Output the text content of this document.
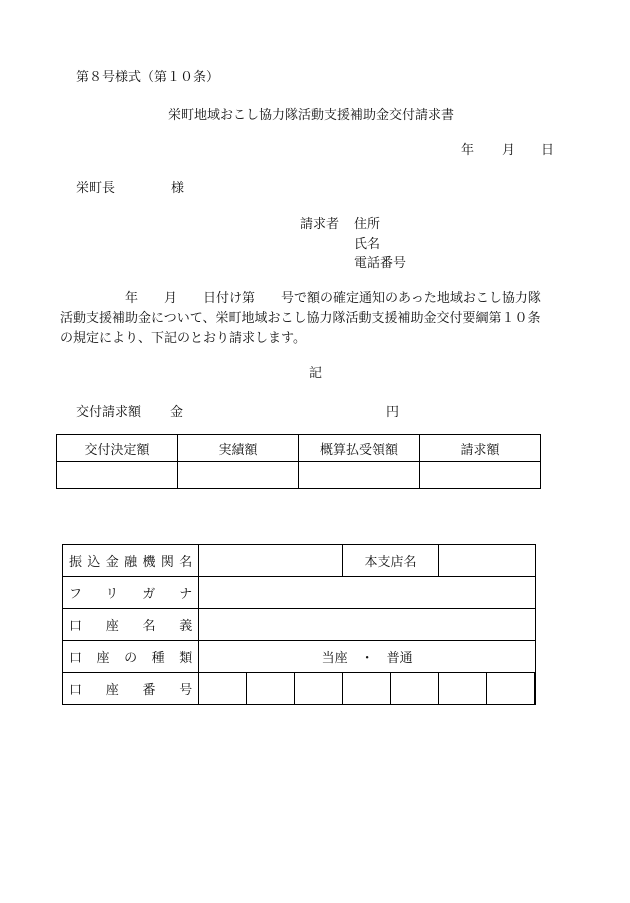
第８号様式（第１０条）
栄町地域おこし協力隊活動支援補助金交付請求書
年 月 日
栄町長	様
請求者 住所
氏名
電話番号
　　　　　年　　月　　日付け第　　号で額の確定通知のあった地域おこし協力隊
活動支援補助金について、栄町地域おこし協力隊活動支援補助金交付要綱第１０条
の規定により、下記のとおり請求します。
記
交付請求額 金	円
交付決定額	実績額	概算払受領額	請求額

振込金融機関名				本支店名				
フリガナ								
口座名義								
口座の種類	当座　・　普通							
口座番号								
